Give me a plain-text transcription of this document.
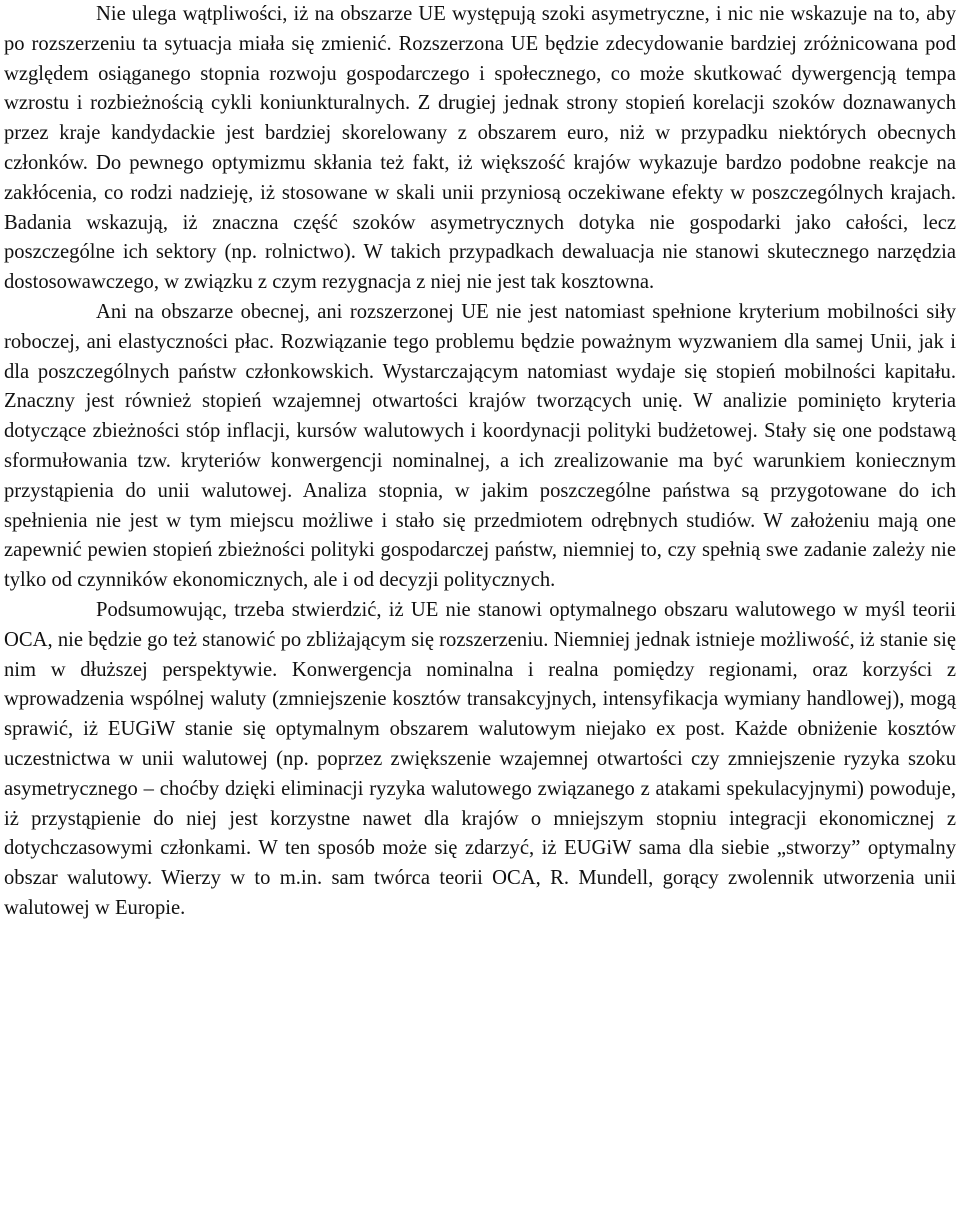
Nie ulega wątpliwości, iż na obszarze UE występują szoki asymetryczne, i nic nie wskazuje na to, aby po rozszerzeniu ta sytuacja miała się zmienić. Rozszerzona UE będzie zdecydowanie bardziej zróżnicowana pod względem osiąganego stopnia rozwoju gospodarczego i społecznego, co może skutkować dywergencją tempa wzrostu i rozbieżnością cykli koniunkturalnych. Z drugiej jednak strony stopień korelacji szoków doznawanych przez kraje kandydackie jest bardziej skorelowany z obszarem euro, niż w przypadku niektórych obecnych członków. Do pewnego optymizmu skłania też fakt, iż większość krajów wykazuje bardzo podobne reakcje na zakłócenia, co rodzi nadzieję, iż stosowane w skali unii przyniosą oczekiwane efekty w poszczególnych krajach. Badania wskazują, iż znaczna część szoków asymetrycznych dotyka nie gospodarki jako całości, lecz poszczególne ich sektory (np. rolnictwo). W takich przypadkach dewaluacja nie stanowi skutecznego narzędzia dostosowawczego, w związku z czym rezygnacja z niej nie jest tak kosztowna.

Ani na obszarze obecnej, ani rozszerzonej UE nie jest natomiast spełnione kryterium mobilności siły roboczej, ani elastyczności płac. Rozwiązanie tego problemu będzie poważnym wyzwaniem dla samej Unii, jak i dla poszczególnych państw członkowskich. Wystarczającym natomiast wydaje się stopień mobilności kapitału. Znaczny jest również stopień wzajemnej otwartości krajów tworzących unię. W analizie pominięto kryteria dotyczące zbieżności stóp inflacji, kursów walutowych i koordynacji polityki budżetowej. Stały się one podstawą sformułowania tzw. kryteriów konwergencji nominalnej, a ich zrealizowanie ma być warunkiem koniecznym przystąpienia do unii walutowej. Analiza stopnia, w jakim poszczególne państwa są przygotowane do ich spełnienia nie jest w tym miejscu możliwe i stało się przedmiotem odrębnych studiów. W założeniu mają one zapewnić pewien stopień zbieżności polityki gospodarczej państw, niemniej to, czy spełnią swe zadanie zależy nie tylko od czynników ekonomicznych, ale i od decyzji politycznych.

Podsumowując, trzeba stwierdzić, iż UE nie stanowi optymalnego obszaru walutowego w myśl teorii OCA, nie będzie go też stanowić po zbliżającym się rozszerzeniu. Niemniej jednak istnieje możliwość, iż stanie się nim w dłuższej perspektywie. Konwergencja nominalna i realna pomiędzy regionami, oraz korzyści z wprowadzenia wspólnej waluty (zmniejszenie kosztów transakcyjnych, intensyfikacja wymiany handlowej), mogą sprawić, iż EUGiW stanie się optymalnym obszarem walutowym niejako ex post. Każde obniżenie kosztów uczestnictwa w unii walutowej (np. poprzez zwiększenie wzajemnej otwartości czy zmniejszenie ryzyka szoku asymetrycznego – choćby dzięki eliminacji ryzyka walutowego związanego z atakami spekulacyjnymi) powoduje, iż przystąpienie do niej jest korzystne nawet dla krajów o mniejszym stopniu integracji ekonomicznej z dotychczasowymi członkami. W ten sposób może się zdarzyć, iż EUGiW sama dla siebie „stworzy” optymalny obszar walutowy. Wierzy w to m.in. sam twórca teorii OCA, R. Mundell, gorący zwolennik utworzenia unii walutowej w Europie.
